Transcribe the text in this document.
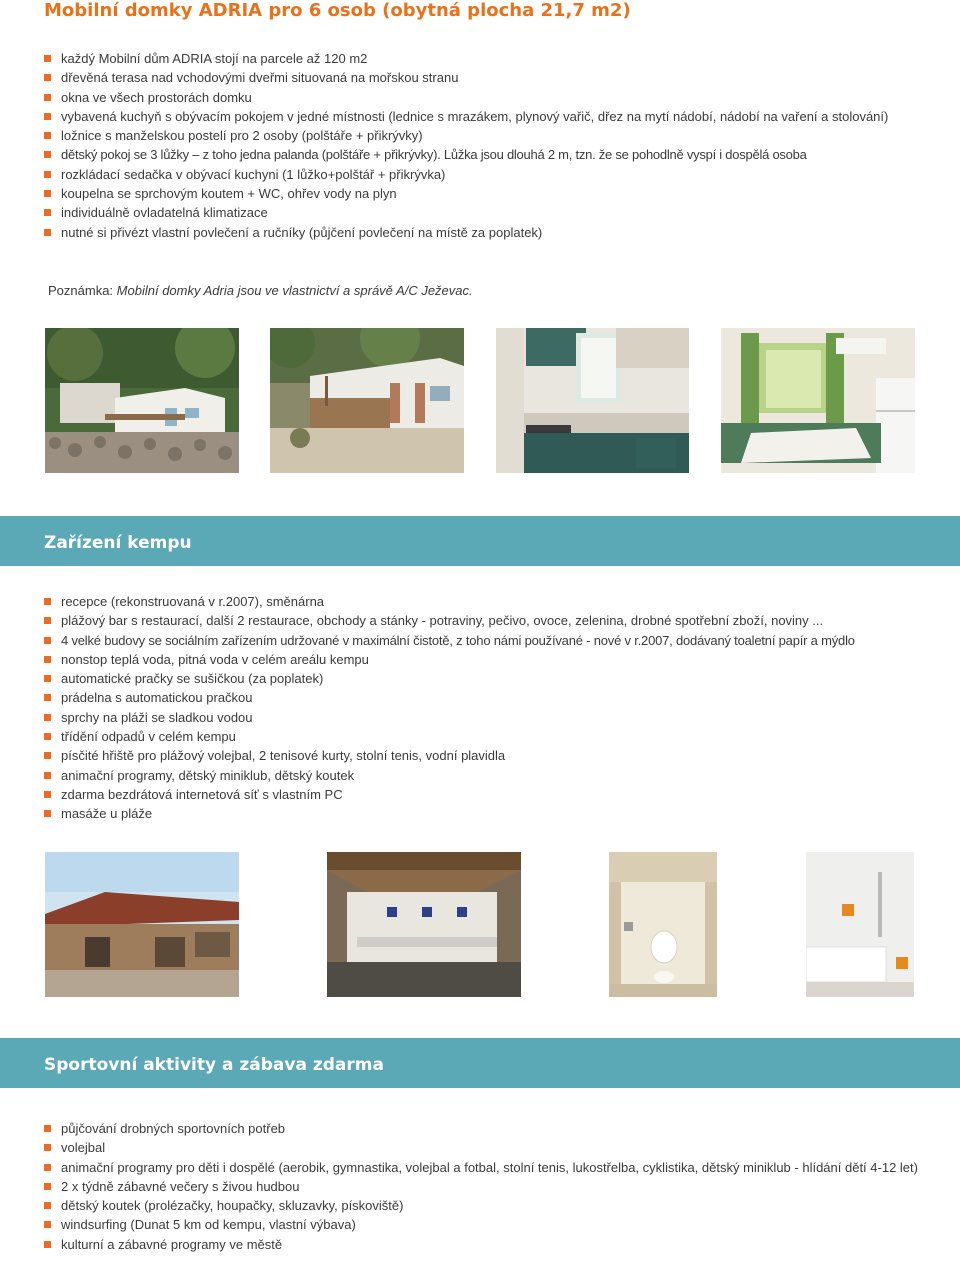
Mobilní domky ADRIA pro 6 osob (obytná plocha 21,7 m2)
každý Mobilní dům ADRIA stojí na parcele až 120 m2
dřevěná terasa nad vchodovými dveřmi situovaná na mořskou stranu
okna ve všech prostorách domku
vybavená kuchyň s obývacím pokojem v jedné místnosti (lednice s mrazákem, plynový vařič, dřez na mytí nádobí, nádobí na vaření a stolování)
ložnice s manželskou postelí pro 2 osoby (polštáře + přikrývky)
dětský pokoj se 3 lůžky – z toho jedna palanda (polštáře + přikrývky). Lůžka jsou dlouhá 2 m, tzn. že se pohodlně vyspí i dospělá osoba
rozkládací sedačka v obývací kuchyni (1 lůžko+polštář + přikrývka)
koupelna se sprchovým koutem + WC, ohřev vody na plyn
individuálně ovladatelná klimatizace
nutné si přivézt vlastní povlečení a ručníky (půjčení povlečení na místě za poplatek)
Poznámka: Mobilní domky Adria jsou ve vlastnictví a správě A/C Ježevac.
Zařízení kempu
recepce (rekonstruovaná v r.2007), směnárna
plážový bar s restaurací, další 2 restaurace, obchody a stánky - potraviny, pečivo, ovoce, zelenina, drobné spotřební zboží, noviny ...
4 velké budovy se sociálním zařízením udržované v maximální čistotě, z toho námi používané - nové v r.2007, dodávaný toaletní papír a mýdlo
nonstop teplá voda, pitná voda v celém areálu kempu
automatické pračky se sušičkou (za poplatek)
prádelna s automatickou pračkou
sprchy na pláži se sladkou vodou
třídění odpadů v celém kempu
písčité hřiště pro plážový volejbal, 2 tenisové kurty, stolní tenis, vodní plavidla
animační programy, dětský miniklub, dětský koutek
zdarma bezdrátová internetová síť s vlastním PC
masáže u pláže
Sportovní aktivity a zábava zdarma
půjčování drobných sportovních potřeb
volejbal
animační programy pro děti i dospělé (aerobik, gymnastika, volejbal a fotbal, stolní tenis, lukostřelba, cyklistika, dětský miniklub - hlídání dětí 4-12 let)
2 x týdně zábavné večery s živou hudbou
dětský koutek (prolézačky, houpačky, skluzavky, pískoviště)
windsurfing (Dunat 5 km od kempu, vlastní výbava)
kulturní a zábavné programy ve městě
